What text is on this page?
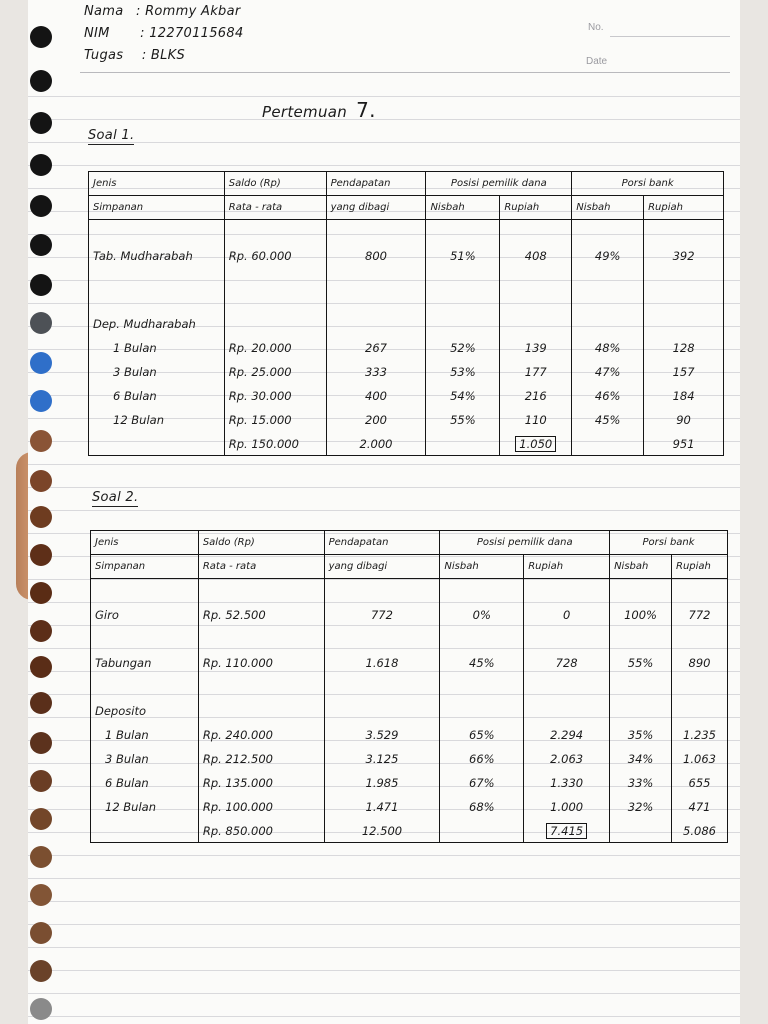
Nama : Rommy Akbar
NIM : 12270115684
Tugas : BLKS
No.
Date
Pertemuan 7.
Soal 1.
Jenis	Saldo (Rp)	Pendapatan	Posisi pemilik dana		Porsi bank	
Simpanan	Rata - rata	yang dibagi	Nisbah	Rupiah	Nisbah	Rupiah

Tab. Mudharabah	Rp. 60.000	800	51%	408	49%	392

Dep. Mudharabah						
1 Bulan	Rp. 20.000	267	52%	139	48%	128
3 Bulan	Rp. 25.000	333	53%	177	47%	157
6 Bulan	Rp. 30.000	400	54%	216	46%	184
12 Bulan	Rp. 15.000	200	55%	110	45%	90
	Rp. 150.000	2.000		1.050		951
Soal 2.
Jenis	Saldo (Rp)	Pendapatan	Posisi pemilik dana		Porsi bank	
Simpanan	Rata - rata	yang dibagi	Nisbah	Rupiah	Nisbah	Rupiah

Giro	Rp. 52.500	772	0%	0	100%	772

Tabungan	Rp. 110.000	1.618	45%	728	55%	890

Deposito						
1 Bulan	Rp. 240.000	3.529	65%	2.294	35%	1.235
3 Bulan	Rp. 212.500	3.125	66%	2.063	34%	1.063
6 Bulan	Rp. 135.000	1.985	67%	1.330	33%	655
12 Bulan	Rp. 100.000	1.471	68%	1.000	32%	471
	Rp. 850.000	12.500		7.415		5.086
